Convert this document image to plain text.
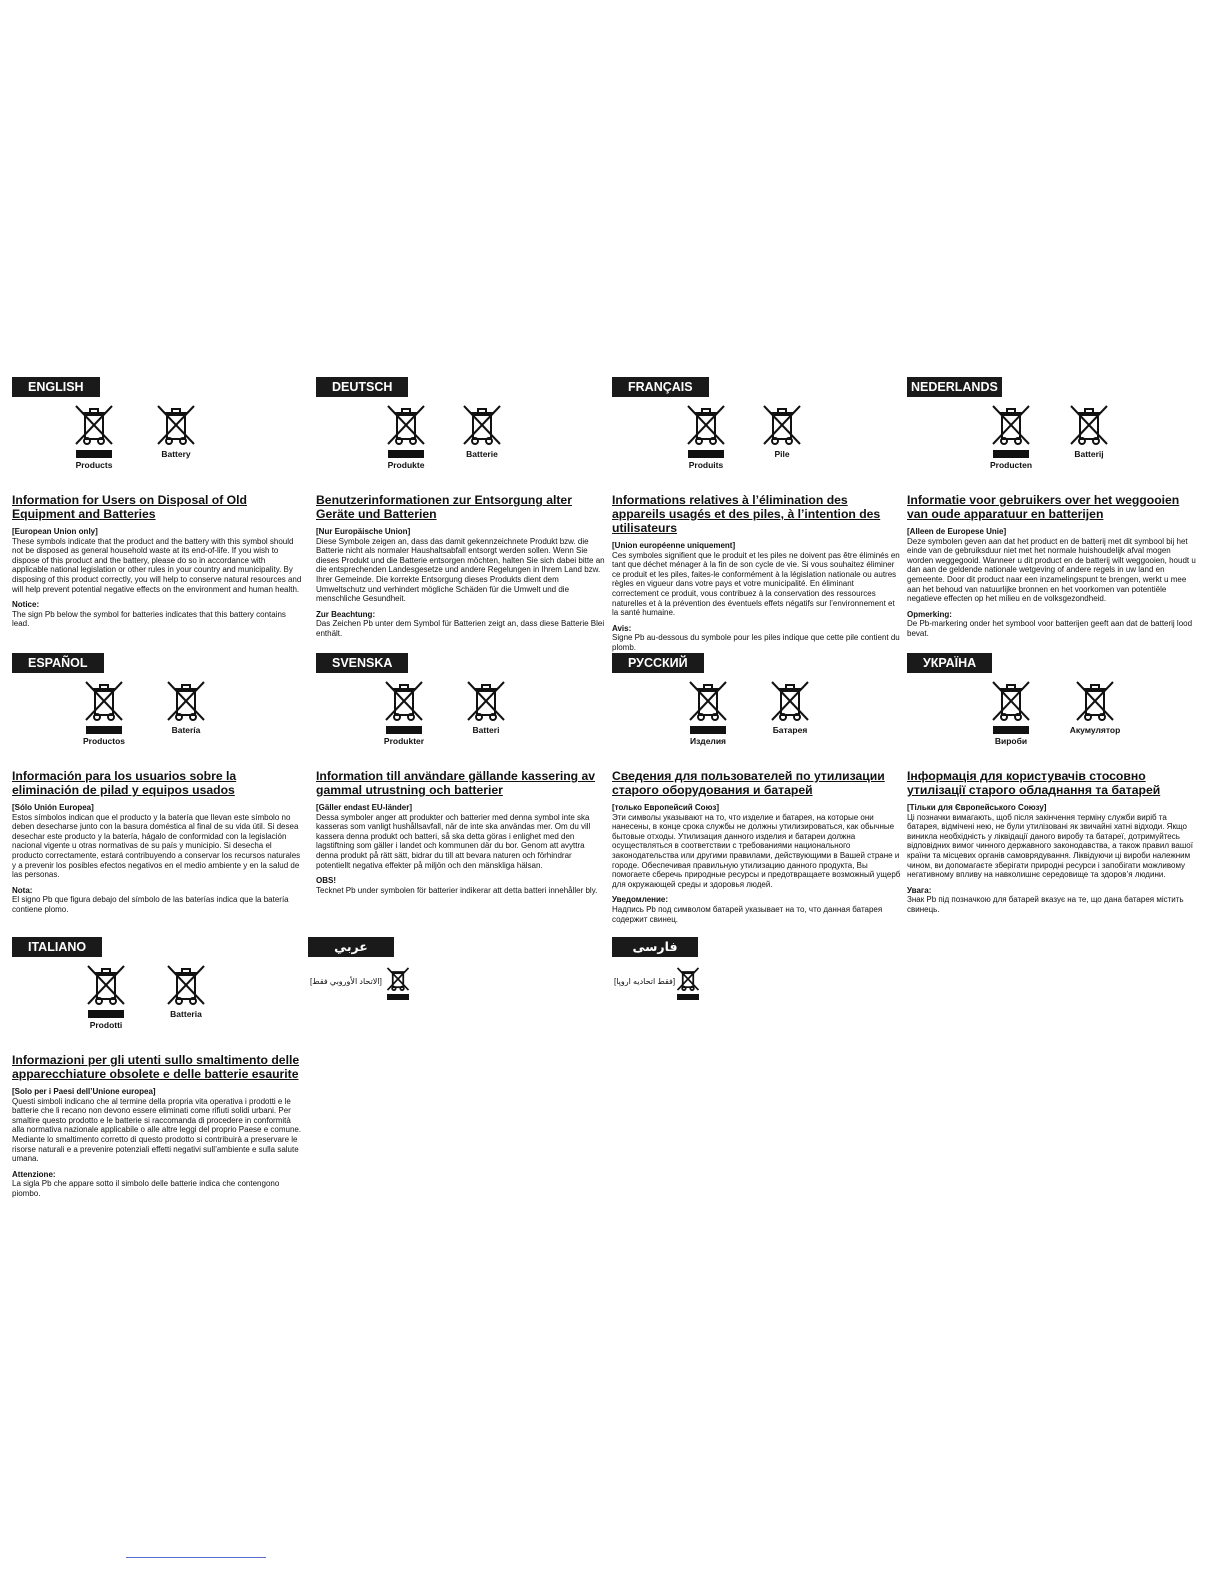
ENGLISH
Products
Battery
Information for Users on Disposal of Old Equipment and Batteries
[European Union only]
These symbols indicate that the product and the battery with this symbol should not be disposed as general household waste at its end-of-life. If you wish to dispose of this product and the battery, please do so in accordance with applicable national legislation or other rules in your country and municipality. By disposing of this product correctly, you will help to conserve natural resources and will help prevent potential negative effects on the environment and human health.
Notice:
The sign Pb below the symbol for batteries indicates that this battery contains lead.
DEUTSCH
Produkte
Batterie
Benutzerinformationen zur Entsorgung alter Geräte und Batterien
[Nur Europäische Union]
Diese Symbole zeigen an, dass das damit gekennzeichnete Produkt bzw. die Batterie nicht als normaler Haushaltsabfall entsorgt werden sollen. Wenn Sie dieses Produkt und die Batterie entsorgen möchten, halten Sie sich dabei bitte an die entsprechenden Landesgesetze und andere Regelungen in Ihrem Land bzw. Ihrer Gemeinde. Die korrekte Entsorgung dieses Produkts dient dem Umweltschutz und verhindert mögliche Schäden für die Umwelt und die menschliche Gesundheit.
Zur Beachtung:
Das Zeichen Pb unter dem Symbol für Batterien zeigt an, dass diese Batterie Blei enthält.
FRANÇAIS
Produits
Pile
Informations relatives à l’élimination des appareils usagés et des piles, à l’intention des utilisateurs
[Union européenne uniquement]
Ces symboles signifient que le produit et les piles ne doivent pas être éliminés en tant que déchet ménager à la fin de son cycle de vie. Si vous souhaitez éliminer ce produit et les piles, faites-le conformément à la législation nationale ou autres règles en vigueur dans votre pays et votre municipalité. En éliminant correctement ce produit, vous contribuez à la conservation des ressources naturelles et à la prévention des éventuels effets négatifs sur l’environnement et la santé humaine.
Avis:
Signe Pb au-dessous du symbole pour les piles indique que cette pile contient du plomb.
NEDERLANDS
Producten
Batterij
Informatie voor gebruikers over het weggooien van oude apparatuur en batterijen
[Alleen de Europese Unie]
Deze symbolen geven aan dat het product en de batterij met dit symbool bij het einde van de gebruiksduur niet met het normale huishoudelijk afval mogen worden weggegooid. Wanneer u dit product en de batterij wilt weggooien, houdt u dan aan de geldende nationale wetgeving of andere regels in uw land en gemeente. Door dit product naar een inzamelingspunt te brengen, werkt u mee aan het behoud van natuurlijke bronnen en het voorkomen van potentiële negatieve effecten op het milieu en de volksgezondheid.
Opmerking:
De Pb-markering onder het symbool voor batterijen geeft aan dat de batterij lood bevat.
ESPAÑOL
Productos
Batería
Información para los usuarios sobre la eliminación de pilad y equipos usados
[Sólo Unión Europea]
Estos símbolos indican que el producto y la batería que llevan este símbolo no deben desecharse junto con la basura doméstica al final de su vida útil. Si desea desechar este producto y la batería, hágalo de conformidad con la legislación nacional vigente u otras normativas de su país y municipio. Si desecha el producto correctamente, estará contribuyendo a conservar los recursos naturales y a prevenir los posibles efectos negativos en el medio ambiente y en la salud de las personas.
Nota:
El signo Pb que figura debajo del símbolo de las baterías indica que la batería contiene plomo.
SVENSKA
Produkter
Batteri
Information till användare gällande kassering av gammal utrustning och batterier
[Gäller endast EU-länder]
Dessa symboler anger att produkter och batterier med denna symbol inte ska kasseras som vanligt hushållsavfall, när de inte ska användas mer. Om du vill kassera denna produkt och batteri, så ska detta göras i enlighet med den lagstiftning som gäller i landet och kommunen där du bor. Genom att avyttra denna produkt på rätt sätt, bidrar du till att bevara naturen och förhindrar potentiellt negativa effekter på miljön och den mänskliga hälsan.
OBS!
Tecknet Pb under symbolen för batterier indikerar att detta batteri innehåller bly.
РУССКИЙ
Изделия
Батарея
Сведения для пользователей по утилизации старого оборудования и батарей
[только Европейсий Союз]
Эти символы указывают на то, что изделие и батарея, на которые они нанесены, в конце срока службы не должны утилизироваться, как обычные бытовые отходы. Утилизация данного изделия и батареи должна осуществляться в соответствии с требованиями национального законодательства или другими правилами, действующими в Вашей стране и городе. Обеспечивая правильную утилизацию данного продукта, Вы помогаете сберечь природные ресурсы и предотвращаете возможный ущерб для окружающей среды и здоровья людей.
Уведомление:
Надпись Pb под символом батарей указывает на то, что данная батарея содержит свинец.
УКРАЇНА
Вироби
Акумулятор
Інформація для користувачів стосовно утилізації старого обладнання та батарей
[Тільки для Європейського Союзу]
Ці позначки вимагають, щоб після закінчення терміну служби виріб та батарея, відмічені нею, не були утилізовані як звичайні хатні відходи. Якщо виникла необхідність у ліквідації даного виробу та батареї, дотримуйтесь відповідних вимог чинного державного законодавства, а також правил вашої країни та місцевих органів самоврядування. Ліквідуючи ці вироби належним чином, ви допомагаєте зберігати природні ресурси і запобігати можливому негативному впливу на навколишнє середовище та здоров’я людини.
Увага:
Знак Pb під позначкою для батарей вказує на те, що дана батарея містить свинець.
ITALIANO
Prodotti
Batteria
Informazioni per gli utenti sullo smaltimento delle apparecchiature obsolete e delle batterie esaurite
[Solo per i Paesi dell’Unione europea]
Questi simboli indicano che al termine della propria vita operativa i prodotti e le batterie che li recano non devono essere eliminati come rifiuti solidi urbani. Per smaltire questo prodotto e le batterie si raccomanda di procedere in conformità alla normativa nazionale applicabile o alle altre leggi del proprio Paese e comune. Mediante lo smaltimento corretto di questo prodotto si contribuirà a preservare le risorse naturali e a prevenire potenziali effetti negativi sull’ambiente e sulla salute umana.
Attenzione:
La sigla Pb che appare sotto il simbolo delle batterie indica che contengono piombo.
عربي
[الاتحاد الأوروبي فقط]
فارسی
[فقط اتحادیه اروپا]
